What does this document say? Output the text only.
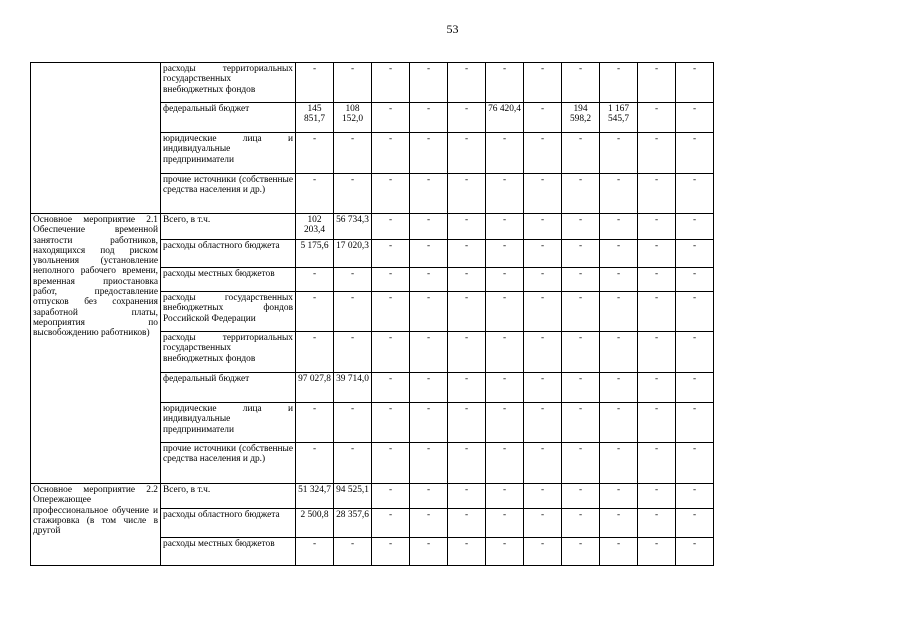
53
	расходы территориальных государственных внебюджетных фондов	-	-	-	-	-	-	-	-	-	-	-	
	федеральный бюджет	145 851,7	108 152,0	-	-	-	76 420,4	-	194 598,2	1 167 545,7	-	-	
	юридические лица и индивидуальные предприниматели	-	-	-	-	-	-	-	-	-	-	-	
	прочие источники (собственные средства населения и др.)	-	-	-	-	-	-	-	-	-	-	-	
Основное мероприятие 2.1 Обеспечение временной занятости работников, находящихся под риском увольнения (установление неполного рабочего времени, временная приостановка работ, предоставление отпусков без сохранения заработной платы, мероприятия по высвобождению работников)	Всего, в т.ч.	102 203,4	56 734,3	-	-	-	-	-	-	-	-	-	
	расходы областного бюджета	5 175,6	17 020,3	-	-	-	-	-	-	-	-	-	
	расходы местных бюджетов	-	-	-	-	-	-	-	-	-	-	-	
	расходы государственных внебюджетных фондов Российской Федерации	-	-	-	-	-	-	-	-	-	-	-	
	расходы территориальных государственных внебюджетных фондов	-	-	-	-	-	-	-	-	-	-	-	
	федеральный бюджет	97 027,8	39 714,0	-	-	-	-	-	-	-	-	-	
	юридические лица и индивидуальные предприниматели	-	-	-	-	-	-	-	-	-	-	-	
	прочие источники (собственные средства населения и др.)	-	-	-	-	-	-	-	-	-	-	-	
Основное мероприятие 2.2 Опережающее профессиональное обучение и стажировка (в том числе в другой	Всего, в т.ч.	51 324,7	94 525,1	-	-	-	-	-	-	-	-	-	
	расходы областного бюджета	2 500,8	28 357,6	-	-	-	-	-	-	-	-	-	
	расходы местных бюджетов	-	-	-	-	-	-	-	-	-	-	-	
